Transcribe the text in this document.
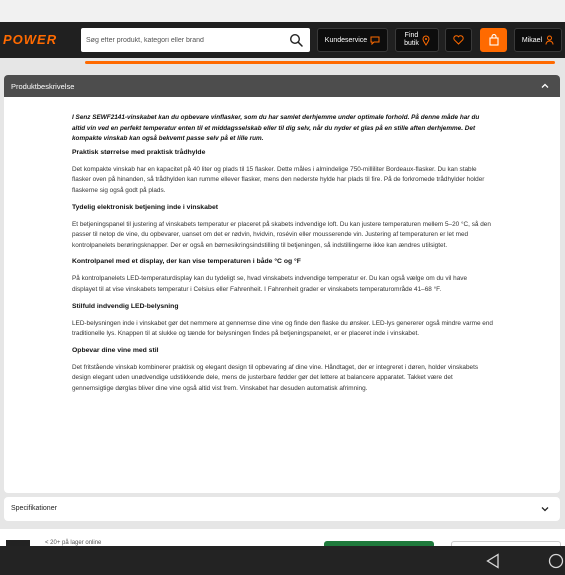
POWER
Søg efter produkt, kategori eller brand	Kundeservice
Find
butik	Mikael
Produktbeskrivelse

I Senz SEWF2141-vinskabet kan du opbevare vinflasker, som du har samlet derhjemme under optimale forhold. På denne måde har du altid vin ved en perfekt temperatur enten til et middagsselskab eller til dig selv, når du nyder et glas på en stille aften derhjemme. Det kompakte vinskab kan også bekvemt passe selv på et lille rum.

Praktisk størrelse med praktisk trådhylde

Det kompakte vinskab har en kapacitet på 40 liter og plads til 15 flasker. Dette måles i almindelige 750-milliliter Bordeaux-flasker. Du kan stable flasker oven på hinanden, så trådhylden kan rumme ellever flasker, mens den nederste hylde har plads til fire. På de forkromede trådhylder holder flaskerne sig også godt på plads.

Tydelig elektronisk betjening inde i vinskabet

Et betjeningspanel til justering af vinskabets temperatur er placeret på skabets indvendige loft. Du kan justere temperaturen mellem 5–20 °C, så den passer til netop de vine, du opbevarer, uanset om det er rødvin, hvidvin, rosévin eller mousserende vin. Justering af temperaturen er let med kontrolpanelets berøringsknapper. Der er også en børnesikringsindstilling til betjeningen, så indstillingerne ikke kan ændres utilsigtet.

Kontrolpanel med et display, der kan vise temperaturen i både °C og °F

På kontrolpanelets LED-temperaturdisplay kan du tydeligt se, hvad vinskabets indvendige temperatur er. Du kan også vælge om du vil have displayet til at vise vinskabets temperatur i Celsius eller Fahrenheit. I Fahrenheit grader er vinskabets temperaturområde 41–68 °F.

Stilfuld indvendig LED-belysning

LED-belysningen inde i vinskabet gør det nemmere at gennemse dine vine og finde den flaske du ønsker. LED-lys genererer også mindre varme end traditionelle lys. Knappen til at slukke og tænde for belysningen findes på betjeningspanelet, er er placeret inde i vinskabet.

Opbevar dine vine med stil

Det fritstående vinskab kombinerer praktisk og elegant design til opbevaring af dine vine. Håndtaget, der er integreret i døren, holder vinskabets design elegant uden unødvendige udstikkende dele, mens de justerbare fødder gør det lettere at balancere apparatet. Takket være det gennemsigtige dørglas bliver dine vine også altid vist frem. Vinskabet har desuden automatisk afrimning.

Specifikationer
< 20+ på lager online
